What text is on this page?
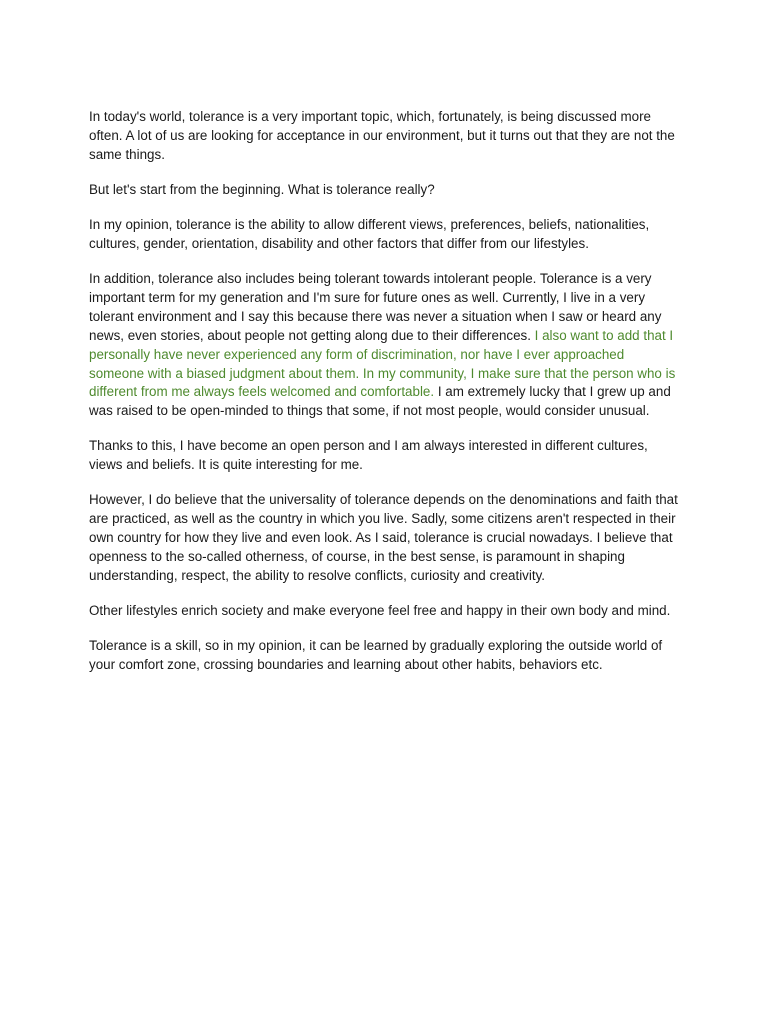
In today's world, tolerance is a very important topic, which, fortunately, is being discussed more often. A lot of us are looking for acceptance in our environment, but it turns out that they are not the same things.

But let's start from the beginning. What is tolerance really?

In my opinion, tolerance is the ability to allow different views, preferences, beliefs, nationalities, cultures, gender, orientation, disability and other factors that differ from our lifestyles.

In addition, tolerance also includes being tolerant towards intolerant people. Tolerance is a very important term for my generation and I'm sure for future ones as well. Currently, I live in a very tolerant environment and I say this because there was never a situation when I saw or heard any news, even stories, about people not getting along due to their differences. I also want to add that I personally have never experienced any form of discrimination, nor have I ever approached someone with a biased judgment about them. In my community, I make sure that the person who is different from me always feels welcomed and comfortable. I am extremely lucky that I grew up and was raised to be open-minded to things that some, if not most people, would consider unusual.

Thanks to this, I have become an open person and I am always interested in different cultures, views and beliefs. It is quite interesting for me.

However, I do believe that the universality of tolerance depends on the denominations and faith that are practiced, as well as the country in which you live. Sadly, some citizens aren't respected in their own country for how they live and even look. As I said, tolerance is crucial nowadays. I believe that openness to the so-called otherness, of course, in the best sense, is paramount in shaping understanding, respect, the ability to resolve conflicts, curiosity and creativity.

Other lifestyles enrich society and make everyone feel free and happy in their own body and mind.

Tolerance is a skill, so in my opinion, it can be learned by gradually exploring the outside world of your comfort zone, crossing boundaries and learning about other habits, behaviors etc.
